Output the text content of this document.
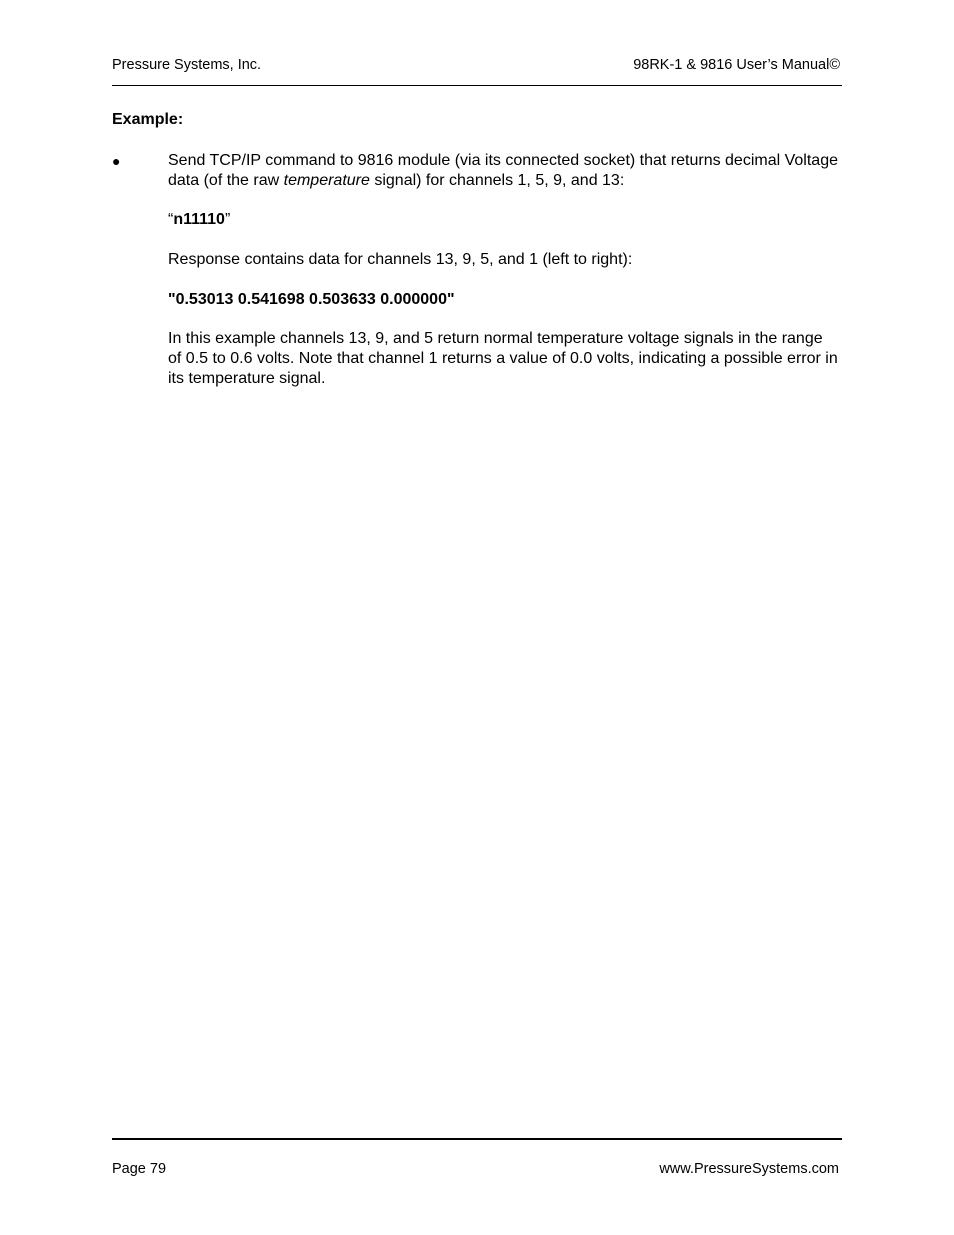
Pressure Systems, Inc.	98RK-1 & 9816 User’s Manual©

Example:

●	Send TCP/IP command to 9816 module (via its connected socket) that returns decimal Voltage data (of the raw temperature signal) for channels 1, 5, 9, and 13:
“n11110”
Response contains data for channels 13, 9, 5, and 1 (left to right):
"0.53013 0.541698 0.503633 0.000000"
In this example channels 13, 9, and 5 return normal temperature voltage signals in the range of 0.5 to 0.6 volts. Note that channel 1 returns a value of 0.0 volts, indicating a possible error in its temperature signal.
Page 79	www.PressureSystems.com
